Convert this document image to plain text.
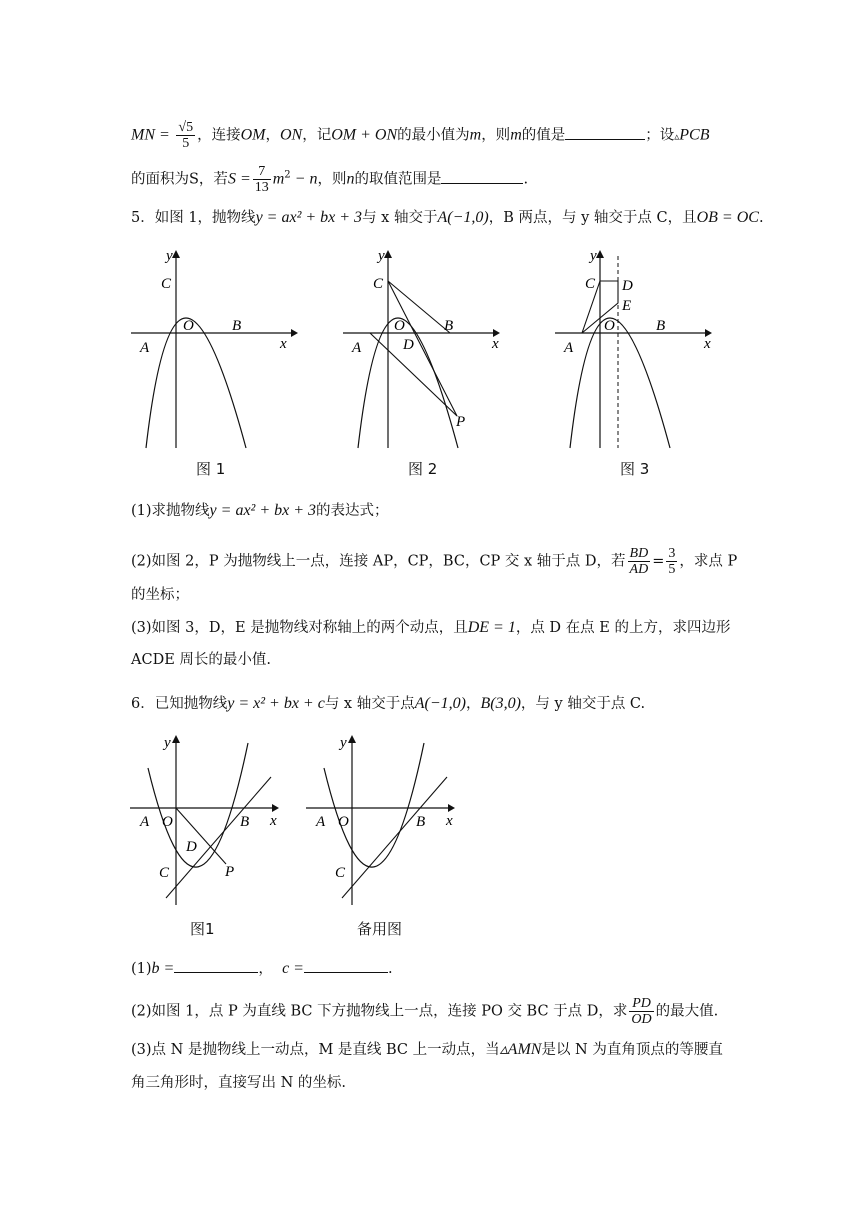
MN = $\frac{√5}{5}$ ，连接OM，ON，记OM + ON的最小值为m，则m的值是	；设▵PCB
的面积为S，若$S = \frac{7}{13} m^2 - n$，则n的取值范围是	.
5．如图 1，抛物线y = ax² + bx + 3与 x 轴交于A(−1,0)，B 两点，与 y 轴交于点 C，且OB = OC.
y
x
C
O	B
A
图 1
y
x
C
O	B
D
A
P
图 2
y
x
C D
E
O	B
A
图 3
(1)求抛物线y = ax² + bx + 3的表达式；
(2)如图 2，P 为抛物线上一点，连接 AP，CP，BC，CP 交 x 轴于点 D，若 $\frac{BD}{AD} = \frac{3}{5}$ ，求点 P
的坐标；
(3)如图 3，D，E 是抛物线对称轴上的两个动点，且DE = 1，点 D 在点 E 的上方，求四边形
ACDE 周长的最小值.
6．已知抛物线y = x² + bx + c与 x 轴交于点A(−1,0)，B(3,0)，与 y 轴交于点 C.
y
x
A O	B
D
C	P
图1
y
x
A O	B
C
备用图
(1)b =	， c =	.
(2)如图 1，点 P 为直线 BC 下方抛物线上一点，连接 PO 交 BC 于点 D，求 $\frac{PD}{OD}$ 的最大值.
(3)点 N 是抛物线上一动点，M 是直线 BC 上一动点，当▵AMN是以 N 为直角顶点的等腰直
角三角形时，直接写出 N 的坐标.
